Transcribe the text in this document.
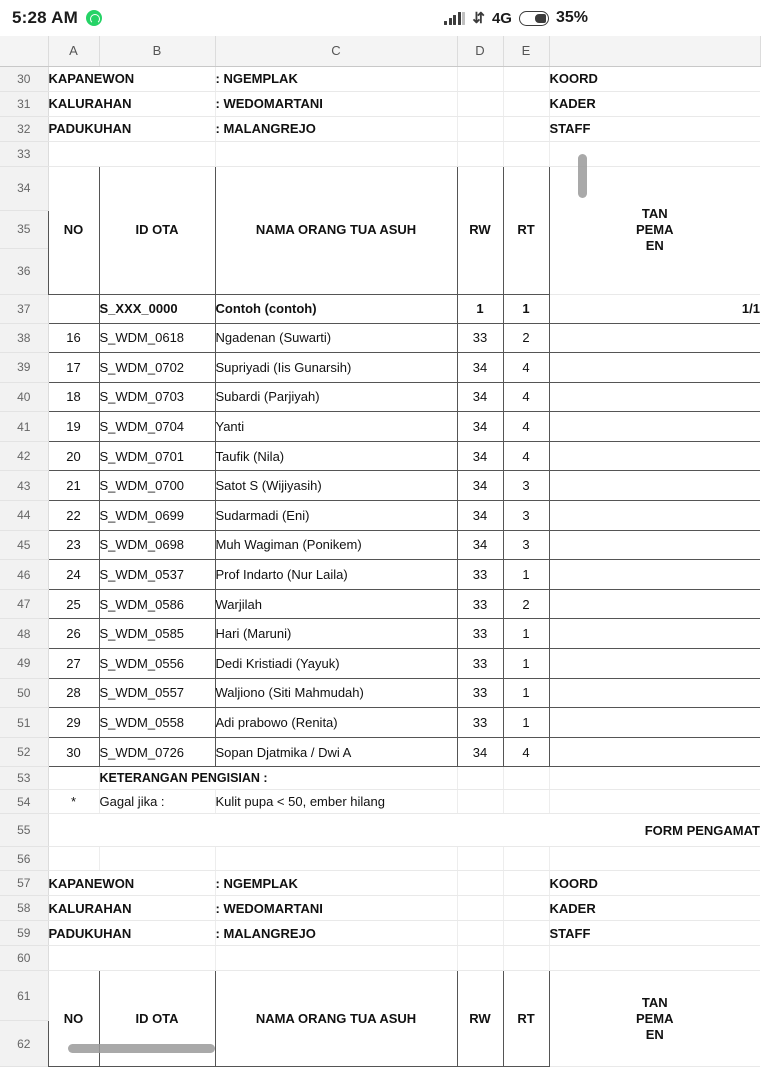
5:28 AM	⇵ 4G	35%
	A	B	C	D	E	
30	KAPANEWON		: NGEMPLAK			KOORD
31	KALURAHAN		: WEDOMARTANI			KADER
32	PADUKUHAN		: MALANGREJO			STAFF
33						
34	NO	ID OTA	NAMA ORANG TUA ASUH	RW	RT	TAN
PEMA
EN
35						
36						
37		S_XXX_0000	Contoh (contoh)	1	1	1/1
38	16	S_WDM_0618	Ngadenan (Suwarti)	33	2	
39	17	S_WDM_0702	Supriyadi (Iis Gunarsih)	34	4	
40	18	S_WDM_0703	Subardi (Parjiyah)	34	4	
41	19	S_WDM_0704	Yanti	34	4	
42	20	S_WDM_0701	Taufik (Nila)	34	4	
43	21	S_WDM_0700	Satot S (Wijiyasih)	34	3	
44	22	S_WDM_0699	Sudarmadi (Eni)	34	3	
45	23	S_WDM_0698	Muh Wagiman (Ponikem)	34	3	
46	24	S_WDM_0537	Prof Indarto (Nur Laila)	33	1	
47	25	S_WDM_0586	Warjilah	33	2	
48	26	S_WDM_0585	Hari (Maruni)	33	1	
49	27	S_WDM_0556	Dedi Kristiadi (Yayuk)	33	1	
50	28	S_WDM_0557	Waljiono (Siti Mahmudah)	33	1	
51	29	S_WDM_0558	Adi prabowo (Renita)	33	1	
52	30	S_WDM_0726	Sopan Djatmika / Dwi A	34	4	
53		KETERANGAN PENGISIAN :				
54	*	Gagal jika :	Kulit pupa < 50, ember hilang			
55	FORM PENGAMAT					
56						
57	KAPANEWON		: NGEMPLAK			KOORD
58	KALURAHAN		: WEDOMARTANI			KADER
59	PADUKUHAN		: MALANGREJO			STAFF
60						
61	NO	ID OTA	NAMA ORANG TUA ASUH	RW	RT	TAN
PEMA
EN
62						
